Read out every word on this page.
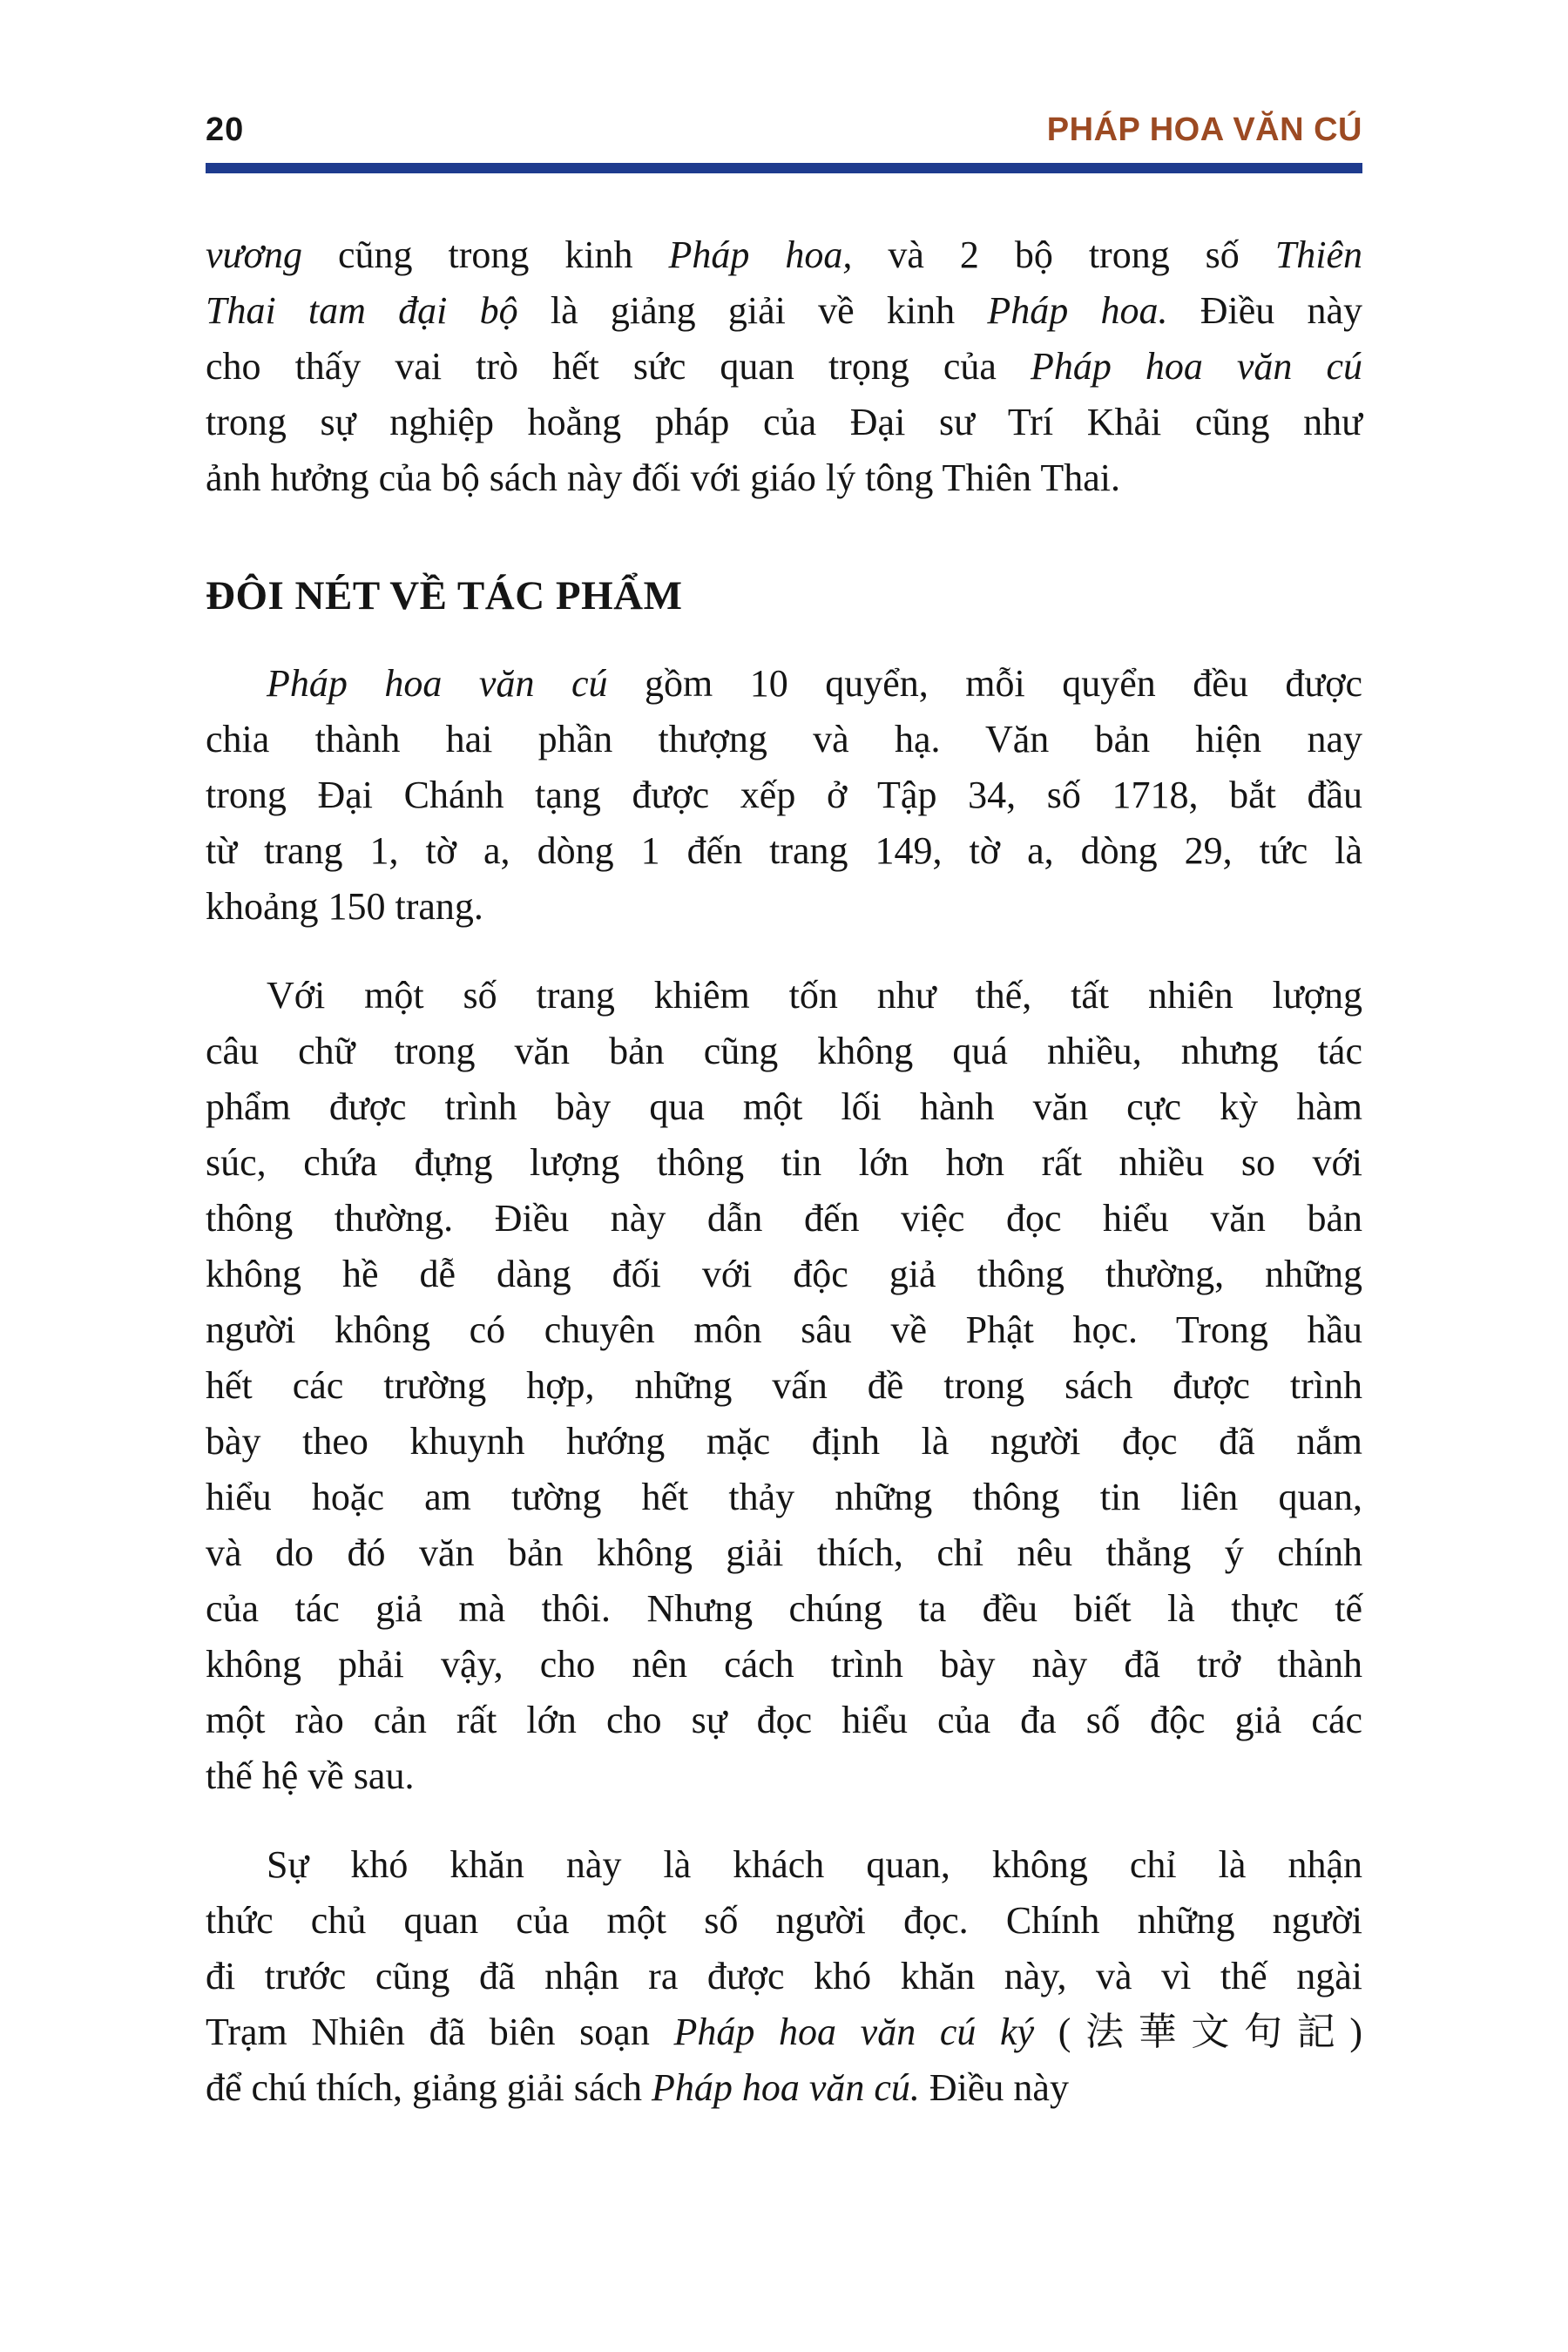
20	PHÁP HOA VĂN CÚ
vương cũng trong kinh Pháp hoa, và 2 bộ trong số Thiên
Thai tam đại bộ là giảng giải về kinh Pháp hoa. Điều này
cho thấy vai trò hết sức quan trọng của Pháp hoa văn cú
trong sự nghiệp hoằng pháp của Đại sư Trí Khải cũng như
ảnh hưởng của bộ sách này đối với giáo lý tông Thiên Thai.
ĐÔI NÉT VỀ TÁC PHẨM
Pháp hoa văn cú gồm 10 quyển, mỗi quyển đều được
chia thành hai phần thượng và hạ. Văn bản hiện nay
trong Đại Chánh tạng được xếp ở Tập 34, số 1718, bắt đầu
từ trang 1, tờ a, dòng 1 đến trang 149, tờ a, dòng 29, tức là
khoảng 150 trang.
Với một số trang khiêm tốn như thế, tất nhiên lượng
câu chữ trong văn bản cũng không quá nhiều, nhưng tác
phẩm được trình bày qua một lối hành văn cực kỳ hàm
súc, chứa đựng lượng thông tin lớn hơn rất nhiều so với
thông thường. Điều này dẫn đến việc đọc hiểu văn bản
không hề dễ dàng đối với độc giả thông thường, những
người không có chuyên môn sâu về Phật học. Trong hầu
hết các trường hợp, những vấn đề trong sách được trình
bày theo khuynh hướng mặc định là người đọc đã nắm
hiểu hoặc am tường hết thảy những thông tin liên quan,
và do đó văn bản không giải thích, chỉ nêu thẳng ý chính
của tác giả mà thôi. Nhưng chúng ta đều biết là thực tế
không phải vậy, cho nên cách trình bày này đã trở thành
một rào cản rất lớn cho sự đọc hiểu của đa số độc giả các
thế hệ về sau.
Sự khó khăn này là khách quan, không chỉ là nhận
thức chủ quan của một số người đọc. Chính những người
đi trước cũng đã nhận ra được khó khăn này, và vì thế ngài
Trạm Nhiên đã biên soạn Pháp hoa văn cú ký (法華文句記)
để chú thích, giảng giải sách Pháp hoa văn cú. Điều này
